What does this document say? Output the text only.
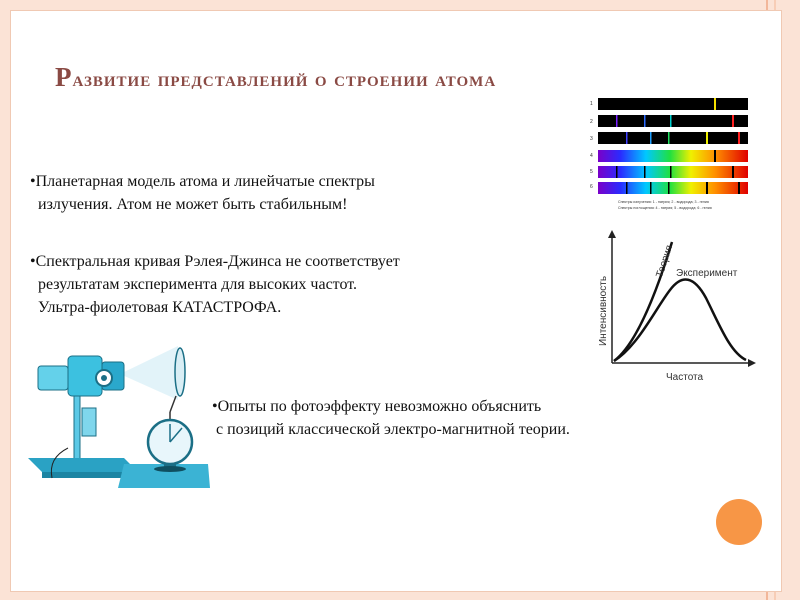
Развитие представлений о строении атома
•Планетарная модель атома и линейчатые спектры
излучения. Атом не может быть стабильным!
•Спектральная кривая Рэлея-Джинса не соответствует
результатам эксперимента для высоких частот.
Ультра-фиолетовая КАТАСТРОФА.
•Опыты по фотоэффекту невозможно объяснить
с позиций классической электро-магнитной теории.
1
2
3
4
5
6
Спектры излучения: 1 - натрия; 2 - водорода; 3 - гелия
Спектры поглощения: 4 - натрия; 5 - водорода; 6 - гелия
Интенсивность
Частота
Теория Эксперимент
